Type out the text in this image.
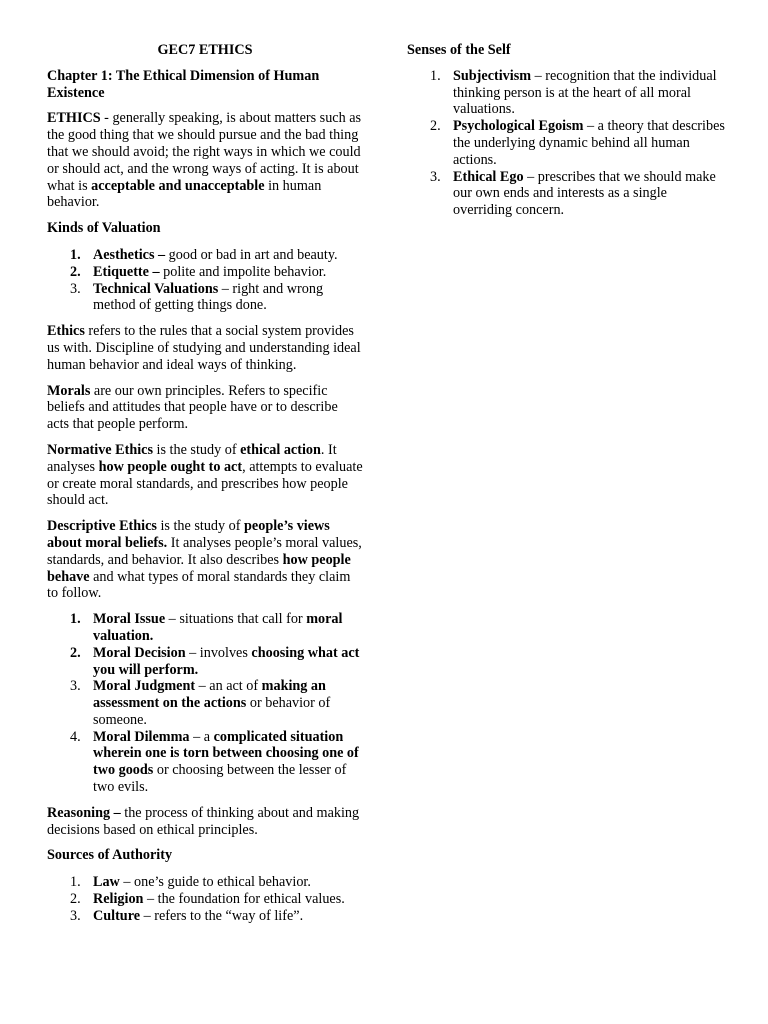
GEC7 ETHICS
Chapter 1: The Ethical Dimension of Human Existence

ETHICS - generally speaking, is about matters such as the good thing that we should pursue and the bad thing that we should avoid; the right ways in which we could or should act, and the wrong ways of acting. It is about what is acceptable and unacceptable in human behavior.

Kinds of Valuation
1. Aesthetics – good or bad in art and beauty.
2. Etiquette – polite and impolite behavior.
3. Technical Valuations – right and wrong method of getting things done.

Ethics refers to the rules that a social system provides us with. Discipline of studying and understanding ideal human behavior and ideal ways of thinking.

Morals are our own principles. Refers to specific beliefs and attitudes that people have or to describe acts that people perform.

Normative Ethics is the study of ethical action. It analyses how people ought to act, attempts to evaluate or create moral standards, and prescribes how people should act.

Descriptive Ethics is the study of people’s views about moral beliefs. It analyses people’s moral values, standards, and behavior. It also describes how people behave and what types of moral standards they claim to follow.

1. Moral Issue – situations that call for moral valuation.
2. Moral Decision – involves choosing what act you will perform.
3. Moral Judgment – an act of making an assessment on the actions or behavior of someone.
4. Moral Dilemma – a complicated situation wherein one is torn between choosing one of two goods or choosing between the lesser of two evils.

Reasoning – the process of thinking about and making decisions based on ethical principles.

Sources of Authority
1. Law – one’s guide to ethical behavior.
2. Religion – the foundation for ethical values.
3. Culture – refers to the “way of life”.
Senses of the Self
1. Subjectivism – recognition that the individual thinking person is at the heart of all moral valuations.
2. Psychological Egoism – a theory that describes the underlying dynamic behind all human actions.
3. Ethical Ego – prescribes that we should make our own ends and interests as a single overriding concern.
